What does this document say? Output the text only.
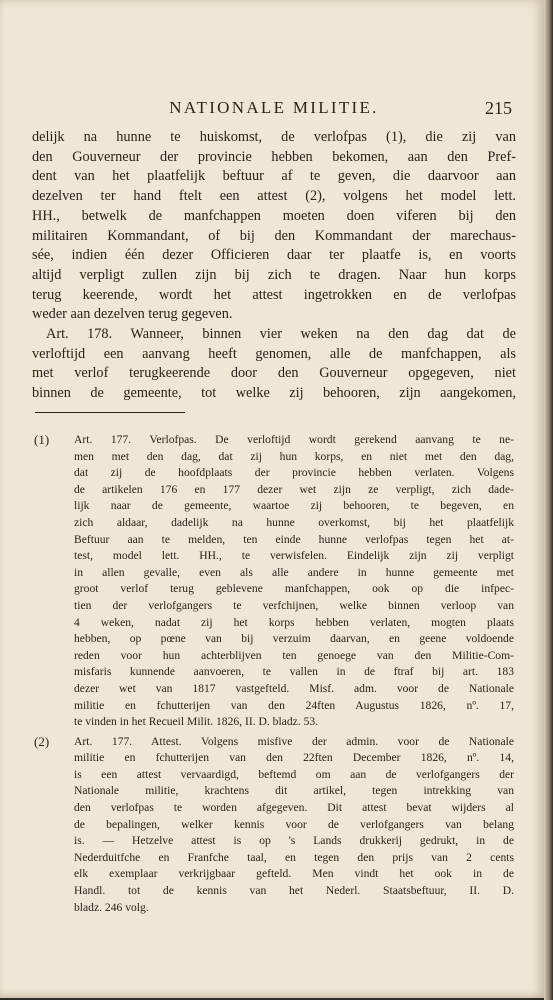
NATIONALE MILITIE.	215
delijk na hunne te huiskomst, de verlofpas (1), die zij van
den Gouverneur der provincie hebben bekomen, aan den Pref-
dent van het plaatfelijk beftuur af te geven, die daarvoor aan
dezelven ter hand ftelt een attest (2), volgens het model lett.
HH., betwelk de manfchappen moeten doen viferen bij den
militairen Kommandant, of bij den Kommandant der marechaus-
sée, indien één dezer Officieren daar ter plaatfe is, en voorts
altijd verpligt zullen zijn bij zich te dragen. Naar hun korps
terug keerende, wordt het attest ingetrokken en de verlofpas
weder aan dezelven terug gegeven.
Art. 178. Wanneer, binnen vier weken na den dag dat de
verloftijd een aanvang heeft genomen, alle de manfchappen, als
met verlof terugkeerende door den Gouverneur opgegeven, niet
binnen de gemeente, tot welke zij behooren, zijn aangekomen,
(1) Art. 177. Verlofpas. De verloftijd wordt gerekend aanvang te ne-
men met den dag, dat zij hun korps, en niet met den dag,
dat zij de hoofdplaats der provincie hebben verlaten. Volgens
de artikelen 176 en 177 dezer wet zijn ze verpligt, zich dade-
lijk naar de gemeente, waartoe zij behooren, te begeven, en
zich aldaar, dadelijk na hunne overkomst, bij het plaatfelijk
Beftuur aan te melden, ten einde hunne verlofpas tegen het at-
test, model lett. HH., te verwisfelen. Eindelijk zijn zij verpligt
in allen gevalle, even als alle andere in hunne gemeente met
groot verlof terug geblevene manfchappen, ook op die infpec-
tien der verlofgangers te verfchijnen, welke binnen verloop van
4 weken, nadat zij het korps hebben verlaten, mogten plaats
hebben, op pœne van bij verzuim daarvan, en geene voldoende
reden voor hun achterblijven ten genoege van den Militie-Com-
misfaris kunnende aanvoeren, te vallen in de ftraf bij art. 183
dezer wet van 1817 vastgefteld. Misf. adm. voor de Nationale
militie en fchutterijen van den 24ften Augustus 1826, nº. 17,
te vinden in het Recueil Milit. 1826, II. D. bladz. 53.
(2) Art. 177. Attest. Volgens misfive der admin. voor de Nationale
militie en fchutterijen van den 22ften December 1826, nº. 14,
is een attest vervaardigd, beftemd om aan de verlofgangers der
Nationale militie, krachtens dit artikel, tegen intrekking van
den verlofpas te worden afgegeven. Dit attest bevat wijders al
de bepalingen, welker kennis voor de verlofgangers van belang
is. — Hetzelve attest is op 's Lands drukkerij gedrukt, in de
Nederduitfche en Franfche taal, en tegen den prijs van 2 cents
elk exemplaar verkrijgbaar gefteld. Men vindt het ook in de
Handl. tot de kennis van het Nederl. Staatsbeftuur, II. D.
bladz. 246 volg.
